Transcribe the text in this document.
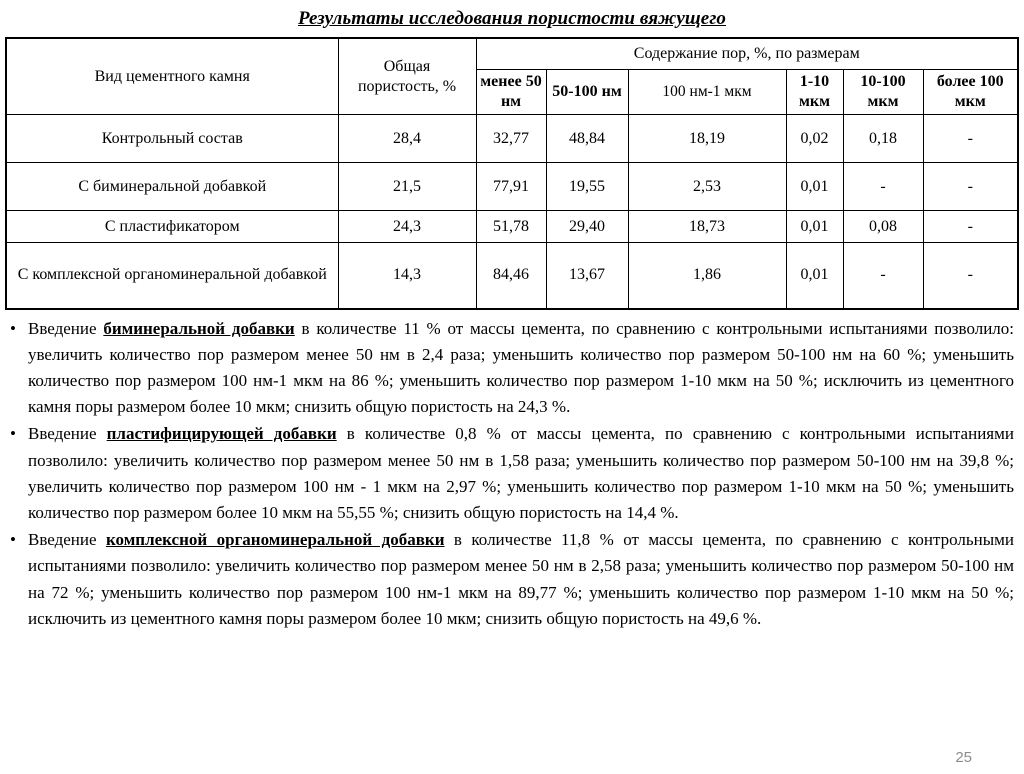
Результаты исследования пористости вяжущего
Вид цементного камня	Общая пористость, %	Содержание пор, %, по размерам					
		менее 50 нм	50-100 нм	100 нм-1 мкм	1-10 мкм	10-100 мкм	более 100 мкм
Контрольный состав	28,4	32,77	48,84	18,19	0,02	0,18	-
С биминеральной добавкой	21,5	77,91	19,55	2,53	0,01	-	-
С пластификатором	24,3	51,78	29,40	18,73	0,01	0,08	-
С комплексной органоминеральной добавкой	14,3	84,46	13,67	1,86	0,01	-	-
• Введение биминеральной добавки в количестве 11 % от массы цемента, по сравнению с контрольными испытаниями позволило: увеличить количество пор размером менее 50 нм в 2,4 раза; уменьшить количество пор размером 50-100 нм на 60 %; уменьшить количество пор размером 100 нм-1 мкм на 86 %; уменьшить количество пор размером 1-10 мкм на 50 %; исключить из цементного камня поры размером более 10 мкм; снизить общую пористость на 24,3 %.
• Введение пластифицирующей добавки в количестве 0,8 % от массы цемента, по сравнению с контрольными испытаниями позволило: увеличить количество пор размером менее 50 нм в 1,58 раза; уменьшить количество пор размером 50-100 нм на 39,8 %; увеличить количество пор размером 100 нм - 1 мкм на 2,97 %; уменьшить количество пор размером 1-10 мкм на 50 %; уменьшить количество пор размером более 10 мкм на 55,55 %; снизить общую пористость на 14,4 %.
• Введение комплексной органоминеральной добавки в количестве 11,8 % от массы цемента, по сравнению с контрольными испытаниями позволило: увеличить количество пор размером менее 50 нм в 2,58 раза; уменьшить количество пор размером 50-100 нм на 72 %; уменьшить количество пор размером 100 нм-1 мкм на 89,77 %; уменьшить количество пор размером 1-10 мкм на 50 %; исключить из цементного камня поры размером более 10 мкм; снизить общую пористость на 49,6 %.
25
